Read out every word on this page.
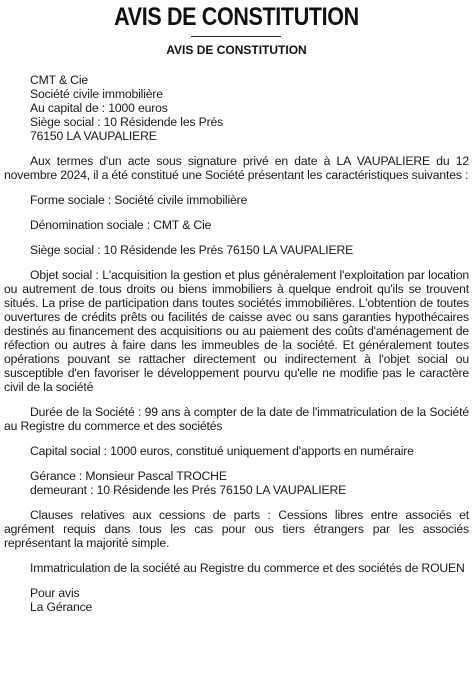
AVIS DE CONSTITUTION
AVIS DE CONSTITUTION
CMT & Cie
Société civile immobilière
Au capital de : 1000 euros
Siège social : 10 Résidende les Prés
76150 LA VAUPALIERE

Aux termes d'un acte sous signature privé en date à LA VAUPALIERE du 12 novembre 2024, il a été constitué une Société présentant les caractéristiques suivantes :

Forme sociale : Société civile immobilière
Dénomination sociale : CMT & Cie
Siège social : 10 Résidende les Prés 76150 LA VAUPALIERE

Objet social : L'acquisition la gestion et plus généralement l'exploitation par location ou autrement de tous droits ou biens immobiliers à quelque endroit qu'ils se trouvent situés. La prise de participation dans toutes sociétés immobilières. L'obtention de toutes ouvertures de crédits prêts ou facilités de caisse avec ou sans garanties hypothécaires destinés au financement des acquisitions ou au paiement des coûts d'aménagement de réfection ou autres à faire dans les immeubles de la société. Et généralement toutes opérations pouvant se rattacher directement ou indirectement à l'objet social ou susceptible d'en favoriser le développement pourvu qu'elle ne modifie pas le caractère civil de la société

Durée de la Société : 99 ans à compter de la date de l'immatriculation de la Société au Registre du commerce et des sociétés

Capital social : 1000 euros, constitué uniquement d'apports en numéraire
Gérance : Monsieur Pascal TROCHE
demeurant : 10 Résidende les Prés 76150 LA VAUPALIERE

Clauses relatives aux cessions de parts : Cessions libres entre associés et agrément requis dans tous les cas pour ous tiers étrangers par les associés représentant la majorité simple.

Immatriculation de la société au Registre du commerce et des sociétés de ROUEN
Pour avis
La Gérance
